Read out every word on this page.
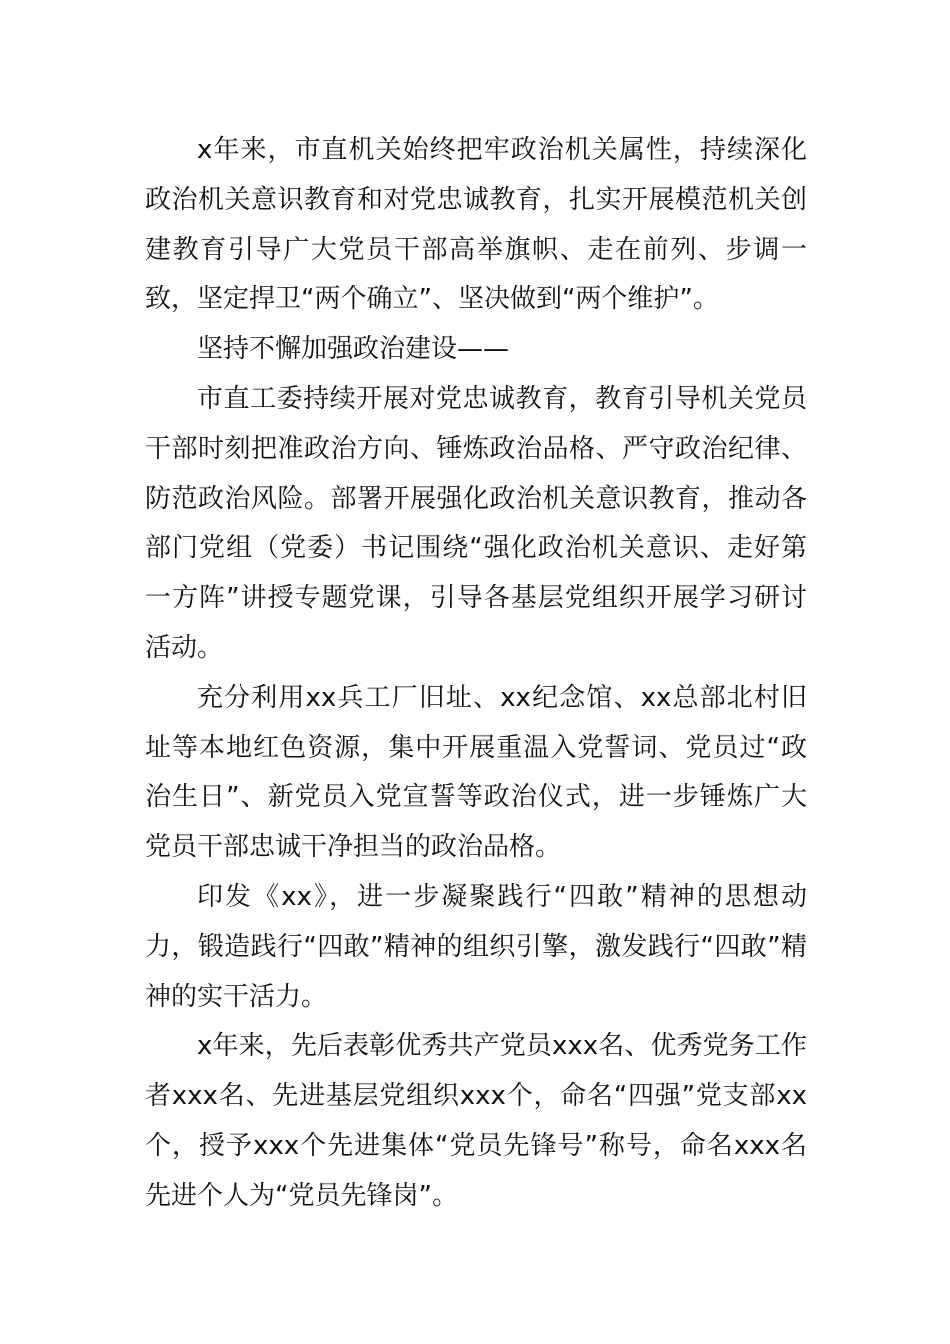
x年来，市直机关始终把牢政治机关属性，持续深化政治机关意识教育和对党忠诚教育，扎实开展模范机关创建教育引导广大党员干部高举旗帜、走在前列、步调一致，坚定捍卫“两个确立”、坚决做到“两个维护”。

坚持不懈加强政治建设——

市直工委持续开展对党忠诚教育，教育引导机关党员干部时刻把准政治方向、锤炼政治品格、严守政治纪律、防范政治风险。部署开展强化政治机关意识教育，推动各部门党组（党委）书记围绕“强化政治机关意识、走好第一方阵”讲授专题党课，引导各基层党组织开展学习研讨活动。

充分利用xx兵工厂旧址、xx纪念馆、xx总部北村旧址等本地红色资源，集中开展重温入党誓词、党员过“政治生日”、新党员入党宣誓等政治仪式，进一步锤炼广大党员干部忠诚干净担当的政治品格。

印发《xx》，进一步凝聚践行“四敢”精神的思想动力，锻造践行“四敢”精神的组织引擎，激发践行“四敢”精神的实干活力。

x年来，先后表彰优秀共产党员xxx名、优秀党务工作者xxx名、先进基层党组织xxx个，命名“四强”党支部xx个，授予xxx个先进集体“党员先锋号”称号，命名xxx名先进个人为“党员先锋岗”。
